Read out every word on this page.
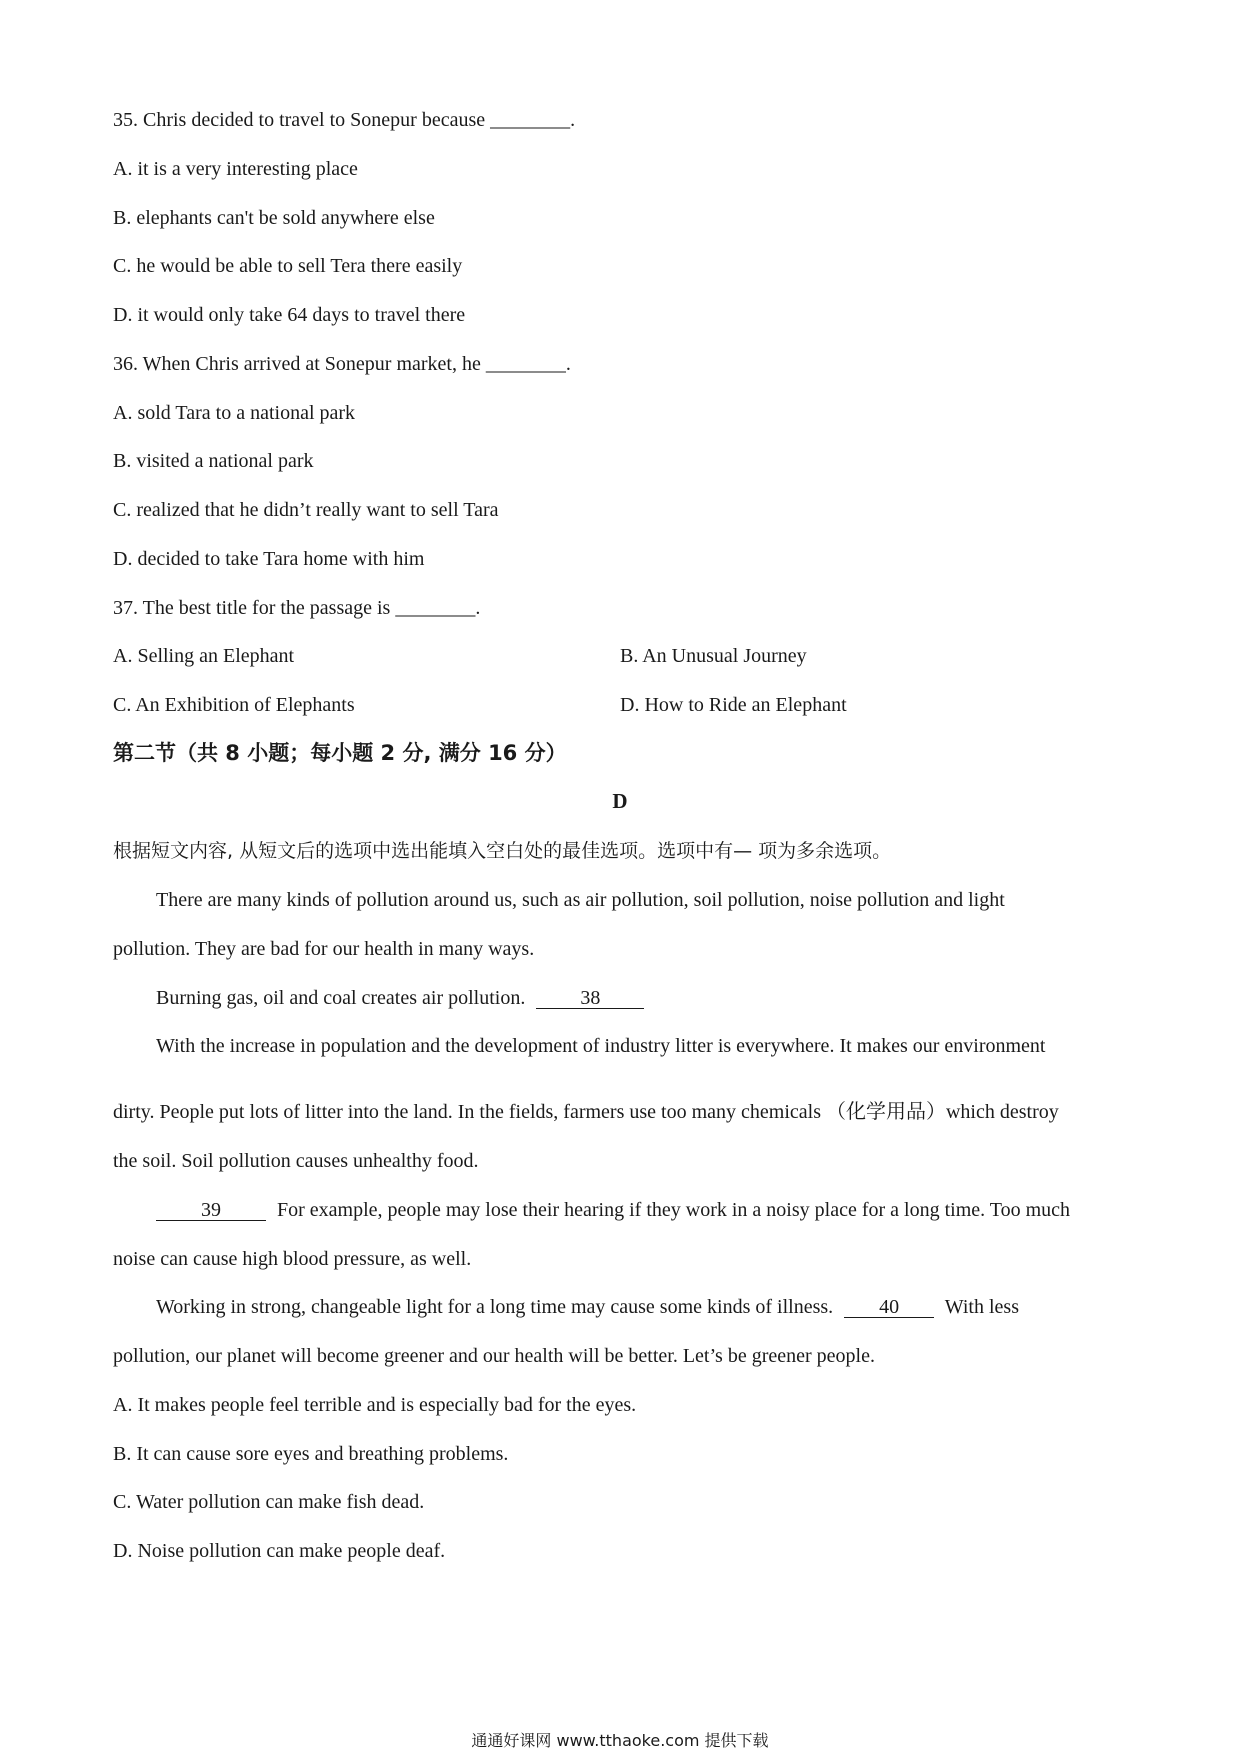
35. Chris decided to travel to Sonepur because ________.
A. it is a very interesting place
B. elephants can't be sold anywhere else
C. he would be able to sell Tera there easily
D. it would only take 64 days to travel there
36. When Chris arrived at Sonepur market, he ________.
A. sold Tara to a national park
B. visited a national park
C. realized that he didn’t really want to sell Tara
D. decided to take Tara home with him
37. The best title for the passage is ________.
A. Selling an Elephant	B. An Unusual Journey
C. An Exhibition of Elephants	D. How to Ride an Elephant
第二节（共 8 小题；每小题 2 分, 满分 16 分）
D
根据短文内容, 从短文后的选项中选出能填入空白处的最佳选项。选项中有— 项为多余选项。
There are many kinds of pollution around us, such as air pollution, soil pollution, noise pollution and light
pollution. They are bad for our health in many ways.
Burning gas, oil and coal creates air pollution.	38
With the increase in population and the development of industry litter is everywhere. It makes our environment
dirty. People put lots of litter into the land. In the fields, farmers use too many chemicals （化学用品）which destroy
the soil. Soil pollution causes unhealthy food.
39	For example, people may lose their hearing if they work in a noisy place for a long time. Too much
noise can cause high blood pressure, as well.
Working in strong, changeable light for a long time may cause some kinds of illness. 40 With less
pollution, our planet will become greener and our health will be better. Let’s be greener people.
A. It makes people feel terrible and is especially bad for the eyes.
B. It can cause sore eyes and breathing problems.
C. Water pollution can make fish dead.
D. Noise pollution can make people deaf.
通通好课网 www.tthaoke.com 提供下载
